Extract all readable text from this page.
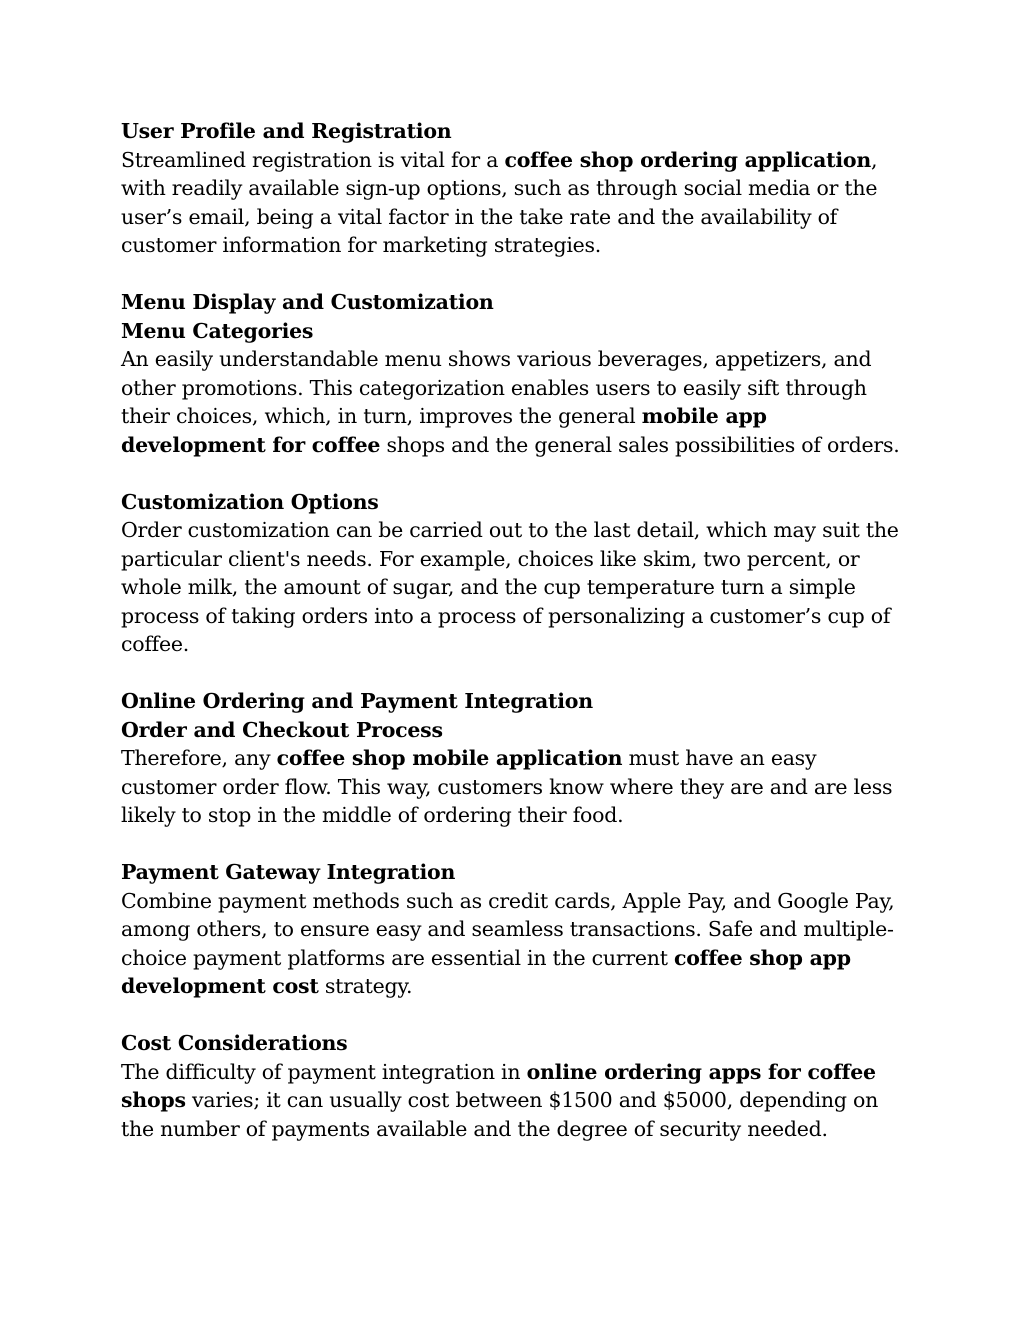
User Profile and Registration

Streamlined registration is vital for a coffee shop ordering application, with readily available sign-up options, such as through social media or the user’s email, being a vital factor in the take rate and the availability of customer information for marketing strategies.

Menu Display and Customization

Menu Categories

An easily understandable menu shows various beverages, appetizers, and other promotions. This categorization enables users to easily sift through their choices, which, in turn, improves the general mobile app development for coffee shops and the general sales possibilities of orders.

Customization Options

Order customization can be carried out to the last detail, which may suit the particular client's needs. For example, choices like skim, two percent, or whole milk, the amount of sugar, and the cup temperature turn a simple process of taking orders into a process of personalizing a customer’s cup of coffee.

Online Ordering and Payment Integration

Order and Checkout Process

Therefore, any coffee shop mobile application must have an easy customer order flow. This way, customers know where they are and are less likely to stop in the middle of ordering their food.

Payment Gateway Integration

Combine payment methods such as credit cards, Apple Pay, and Google Pay, among others, to ensure easy and seamless transactions. Safe and multiple-choice payment platforms are essential in the current coffee shop app development cost strategy.

Cost Considerations

The difficulty of payment integration in online ordering apps for coffee shops varies; it can usually cost between $1500 and $5000, depending on the number of payments available and the degree of security needed.
